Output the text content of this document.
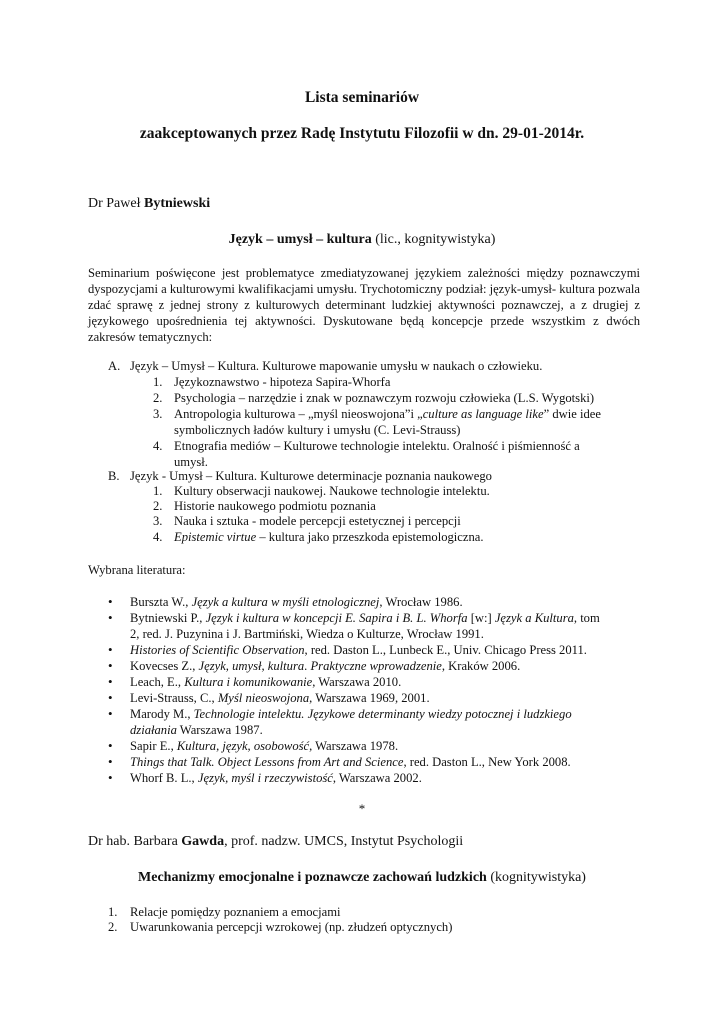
Lista seminariów
zaakceptowanych przez Radę Instytutu Filozofii w dn. 29-01-2014r.
Dr Paweł Bytniewski
Język – umysł – kultura (lic., kognitywistyka)

Seminarium poświęcone jest problematyce zmediatyzowanej językiem zależności między poznawczymi dyspozycjami a kulturowymi kwalifikacjami umysłu. Trychotomiczny podział: język-umysł- kultura pozwala zdać sprawę z jednej strony z kulturowych determinant ludzkiej aktywności poznawczej, a z drugiej z językowego upośrednienia tej aktywności. Dyskutowane będą koncepcje przede wszystkim z dwóch zakresów tematycznych:

A. Język – Umysł – Kultura. Kulturowe mapowanie umysłu w naukach o człowieku.
1. Językoznawstwo - hipoteza Sapira-Whorfa
2. Psychologia – narzędzie i znak w poznawczym rozwoju człowieka (L.S. Wygotski)
3. Antropologia kulturowa – „myśl nieoswojona”i „culture as language like” dwie idee
symbolicznych ładów kultury i umysłu (C. Levi-Strauss)
4. Etnografia mediów – Kulturowe technologie intelektu. Oralność i piśmienność a
umysł.
B. Język - Umysł – Kultura. Kulturowe determinacje poznania naukowego
1. Kultury obserwacji naukowej. Naukowe technologie intelektu.
2. Historie naukowego podmiotu poznania
3. Nauka i sztuka - modele percepcji estetycznej i percepcji
4. Epistemic virtue – kultura jako przeszkoda epistemologiczna.
Wybrana literatura:
• Burszta W., Język a kultura w myśli etnologicznej, Wrocław 1986.
• Bytniewski P., Język i kultura w koncepcji E. Sapira i B. L. Whorfa [w:] Język a Kultura, tom
2, red. J. Puzynina i J. Bartmiński, Wiedza o Kulturze, Wrocław 1991.
• Histories of Scientific Observation, red. Daston L., Lunbeck E., Univ. Chicago Press 2011.
• Kovecses Z., Język, umysł, kultura. Praktyczne wprowadzenie, Kraków 2006.
• Leach, E., Kultura i komunikowanie, Warszawa 2010.
• Levi-Strauss, C., Myśl nieoswojona, Warszawa 1969, 2001.
• Marody M., Technologie intelektu. Językowe determinanty wiedzy potocznej i ludzkiego
działania Warszawa 1987.
• Sapir E., Kultura, język, osobowość, Warszawa 1978.
• Things that Talk. Object Lessons from Art and Science, red. Daston L., New York 2008.
• Whorf B. L., Język, myśl i rzeczywistość, Warszawa 2002.
*
Dr hab. Barbara Gawda, prof. nadzw. UMCS, Instytut Psychologii
Mechanizmy emocjonalne i poznawcze zachowań ludzkich (kognitywistyka)
1. Relacje pomiędzy poznaniem a emocjami
2. Uwarunkowania percepcji wzrokowej (np. złudzeń optycznych)
